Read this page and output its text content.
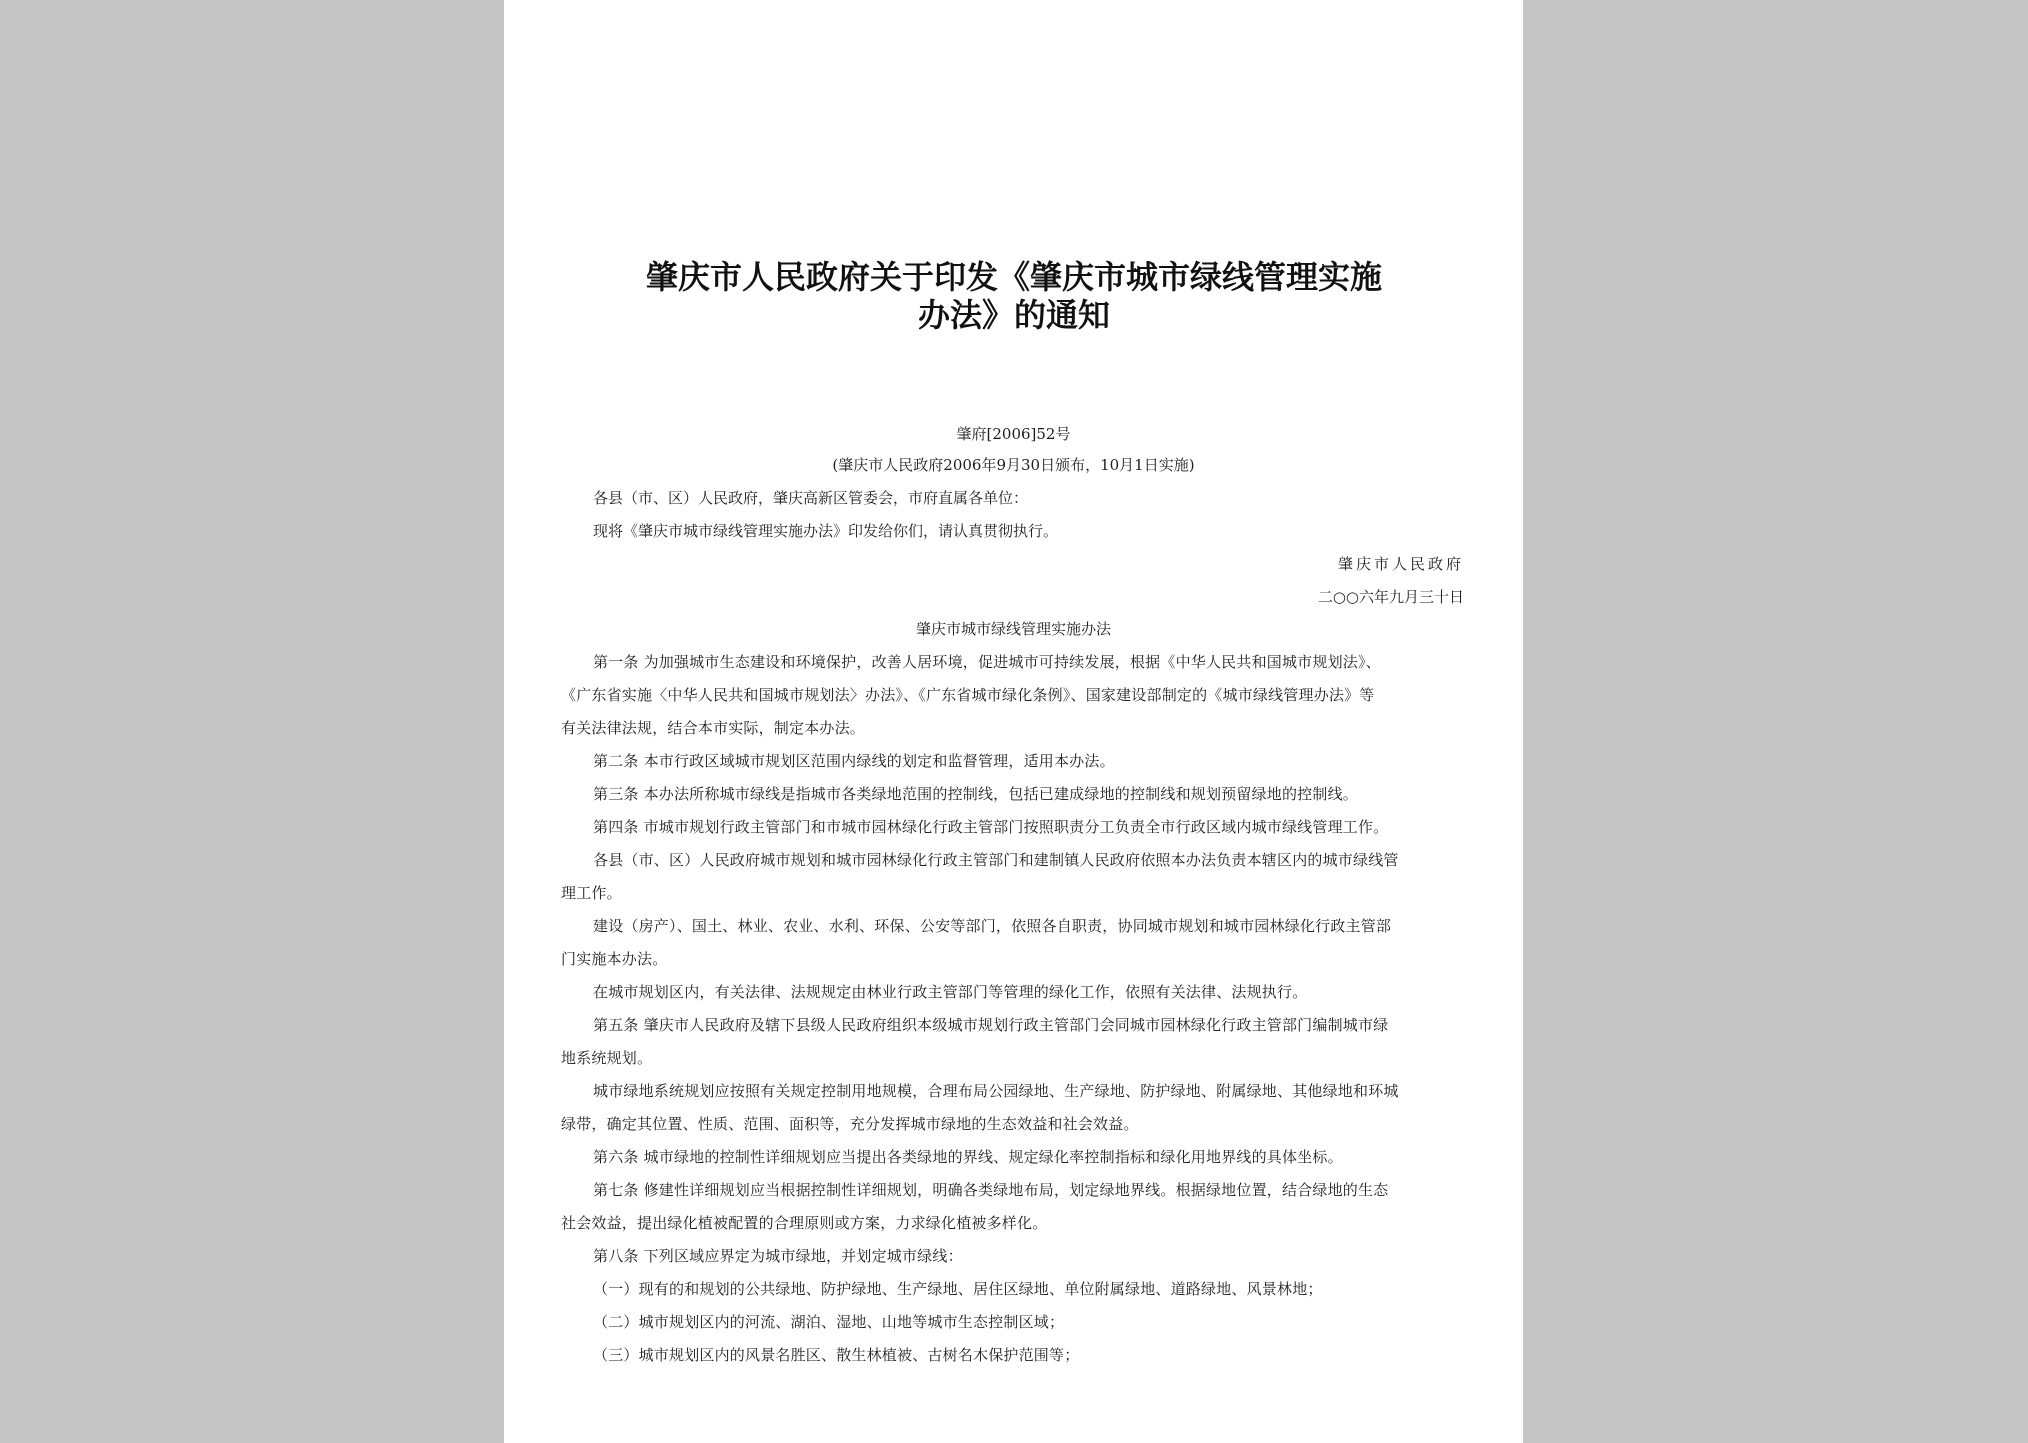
肇庆市人民政府关于印发《肇庆市城市绿线管理实施
办法》的通知
肇府[2006]52号
(肇庆市人民政府2006年9月30日颁布，10月1日实施)
各县（市、区）人民政府，肇庆高新区管委会，市府直属各单位：
现将《肇庆市城市绿线管理实施办法》印发给你们，请认真贯彻执行。
肇庆市人民政府
二○○六年九月三十日
肇庆市城市绿线管理实施办法
第一条 为加强城市生态建设和环境保护，改善人居环境，促进城市可持续发展，根据《中华人民共和国城市规划法》、
《广东省实施〈中华人民共和国城市规划法〉办法》、《广东省城市绿化条例》、国家建设部制定的《城市绿线管理办法》等
有关法律法规，结合本市实际，制定本办法。
第二条 本市行政区域城市规划区范围内绿线的划定和监督管理，适用本办法。
第三条 本办法所称城市绿线是指城市各类绿地范围的控制线，包括已建成绿地的控制线和规划预留绿地的控制线。
第四条 市城市规划行政主管部门和市城市园林绿化行政主管部门按照职责分工负责全市行政区域内城市绿线管理工作。
各县（市、区）人民政府城市规划和城市园林绿化行政主管部门和建制镇人民政府依照本办法负责本辖区内的城市绿线管
理工作。
建设（房产）、国土、林业、农业、水利、环保、公安等部门，依照各自职责，协同城市规划和城市园林绿化行政主管部
门实施本办法。
在城市规划区内，有关法律、法规规定由林业行政主管部门等管理的绿化工作，依照有关法律、法规执行。
第五条 肇庆市人民政府及辖下县级人民政府组织本级城市规划行政主管部门会同城市园林绿化行政主管部门编制城市绿
地系统规划。
城市绿地系统规划应按照有关规定控制用地规模，合理布局公园绿地、生产绿地、防护绿地、附属绿地、其他绿地和环城
绿带，确定其位置、性质、范围、面积等，充分发挥城市绿地的生态效益和社会效益。
第六条 城市绿地的控制性详细规划应当提出各类绿地的界线、规定绿化率控制指标和绿化用地界线的具体坐标。
第七条 修建性详细规划应当根据控制性详细规划，明确各类绿地布局，划定绿地界线。根据绿地位置，结合绿地的生态
社会效益，提出绿化植被配置的合理原则或方案，力求绿化植被多样化。
第八条 下列区域应界定为城市绿地，并划定城市绿线：
（一）现有的和规划的公共绿地、防护绿地、生产绿地、居住区绿地、单位附属绿地、道路绿地、风景林地；
（二）城市规划区内的河流、湖泊、湿地、山地等城市生态控制区域；
（三）城市规划区内的风景名胜区、散生林植被、古树名木保护范围等；
